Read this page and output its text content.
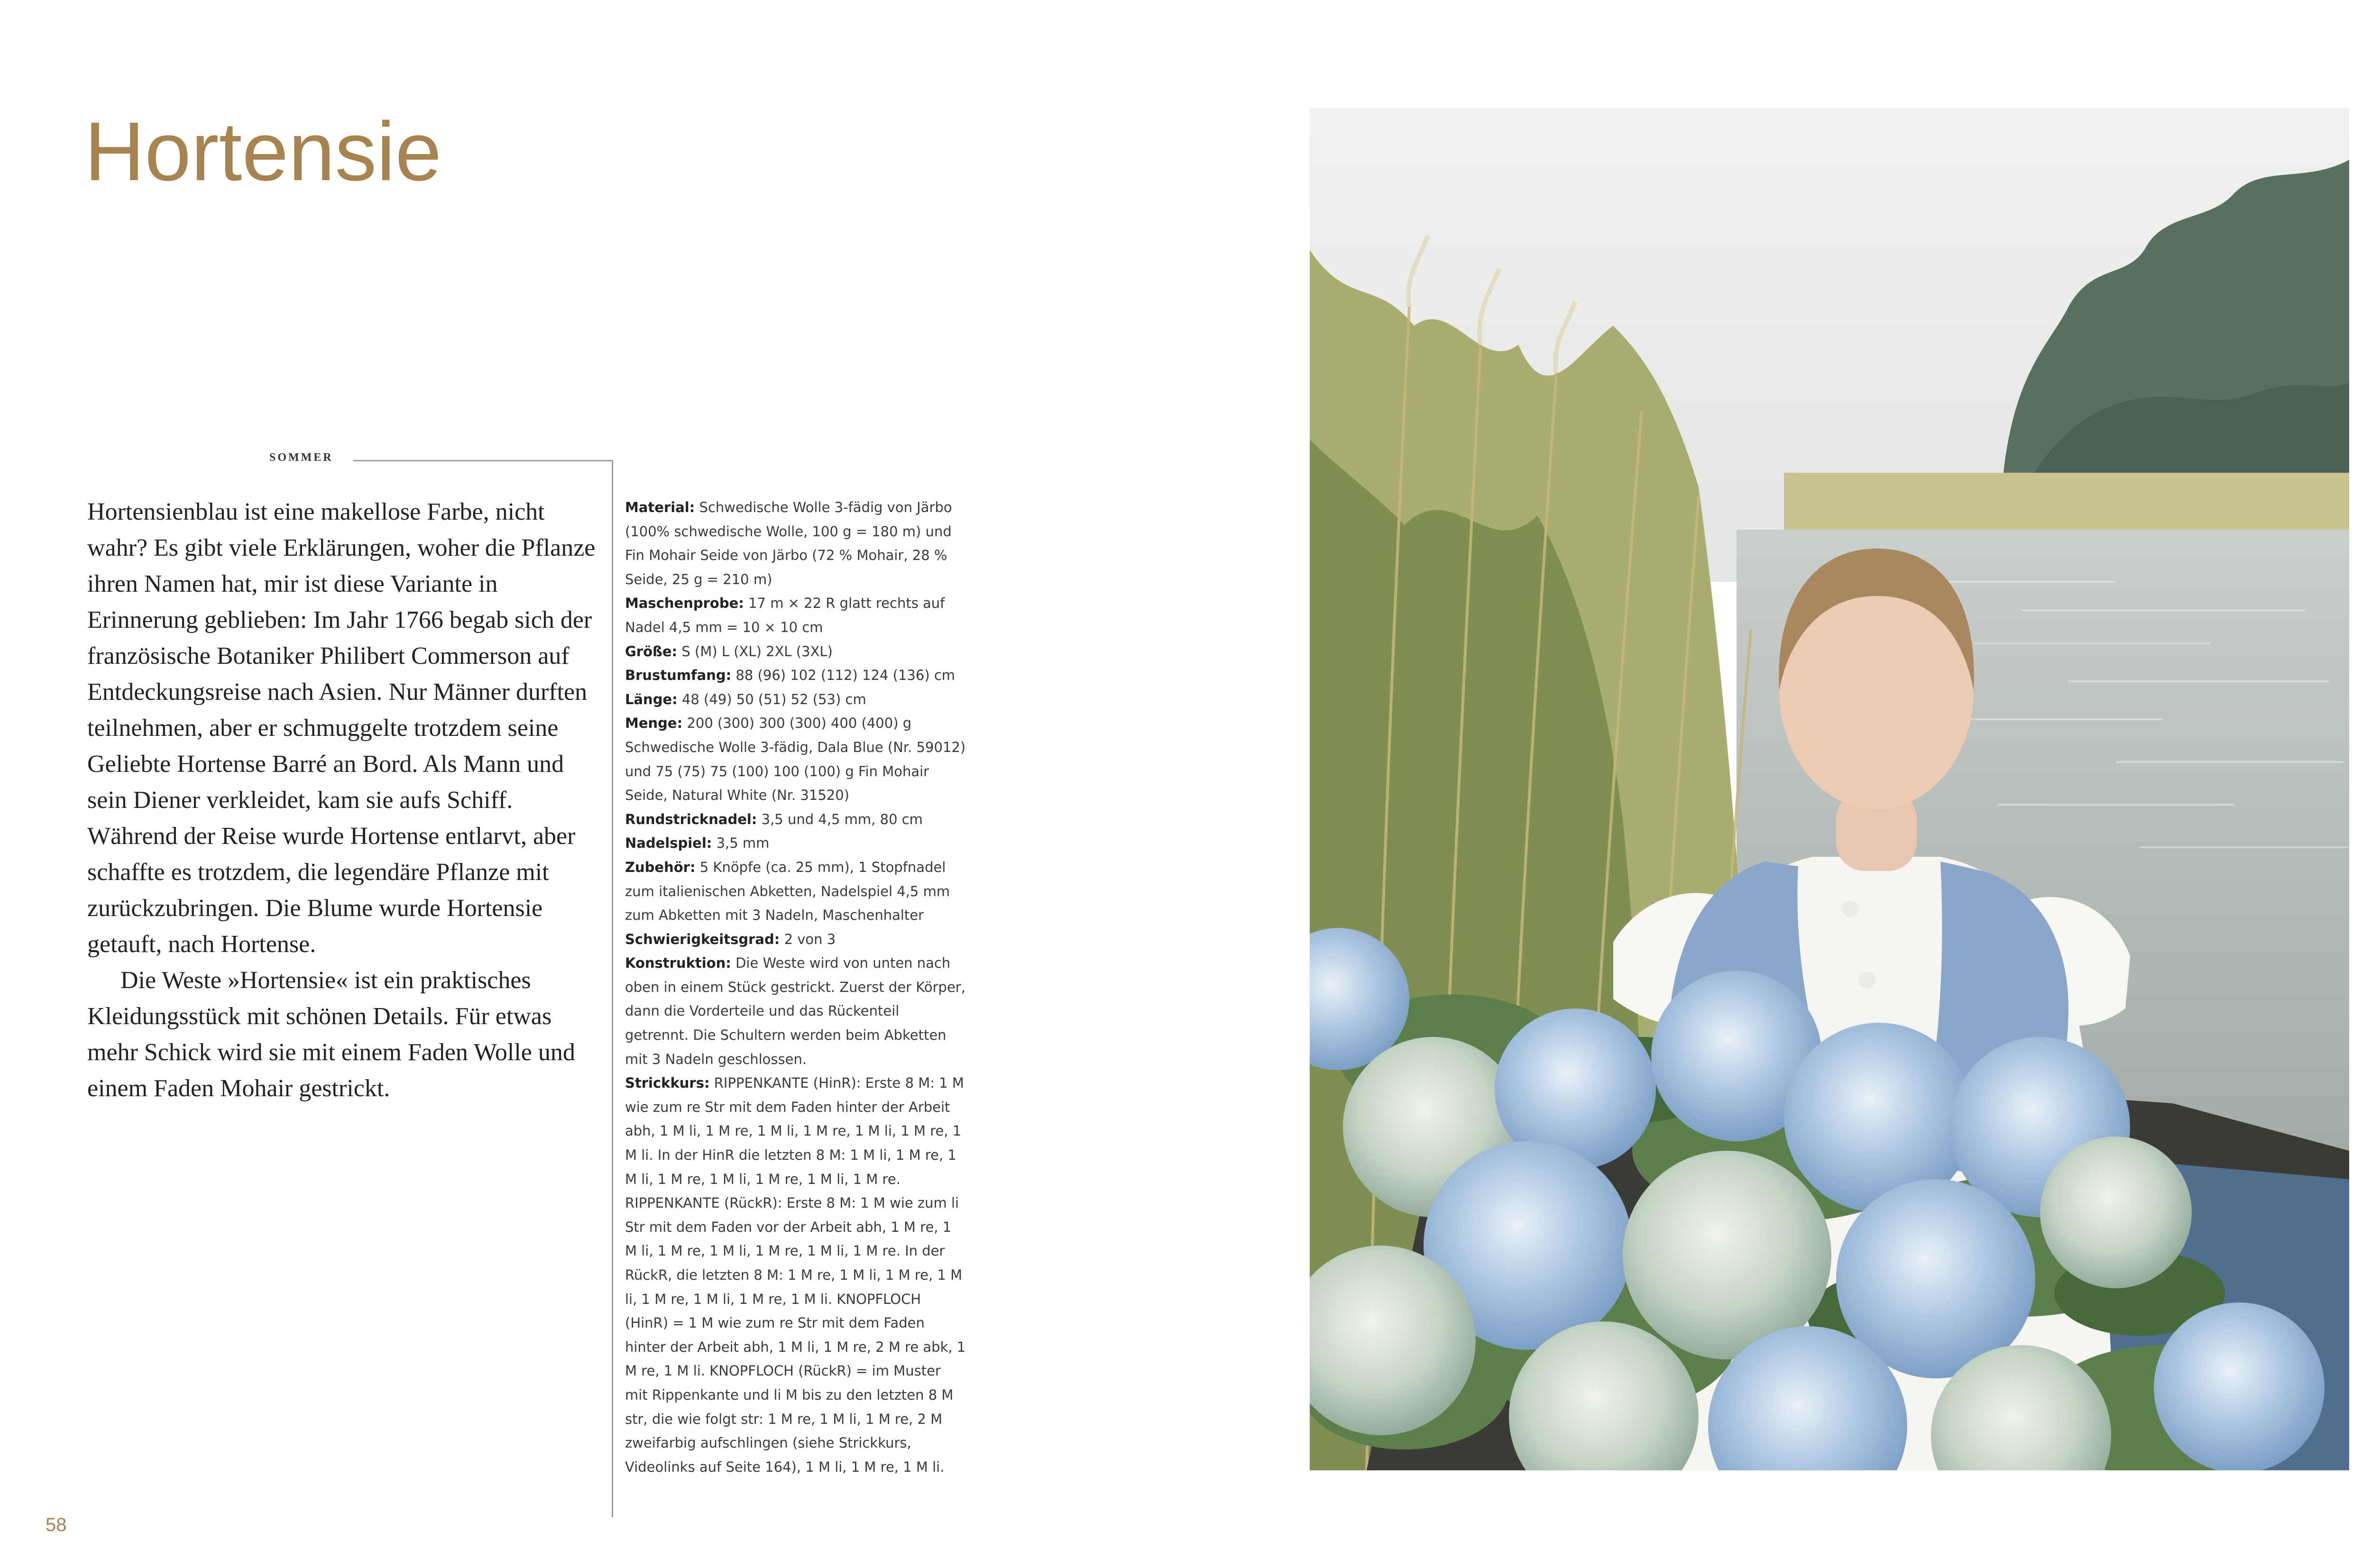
Hortensie
SOMMER

Hortensienblau ist eine makellose Farbe, nicht wahr? Es gibt viele Erklärungen, woher die Pflanze ihren Namen hat, mir ist diese Variante in Erinnerung geblieben: Im Jahr 1766 begab sich der französische Botaniker Philibert Commerson auf Entdeckungsreise nach Asien. Nur Männer durften teilnehmen, aber er schmuggelte trotzdem seine Geliebte Hortense Barré an Bord. Als Mann und sein Diener verkleidet, kam sie aufs Schiff. Während der Reise wurde Hortense entlarvt, aber schaffte es trotzdem, die legendäre Pflanze mit zurückzubringen. Die Blume wurde Hortensie getauft, nach Hortense.

Die Weste »Hortensie« ist ein praktisches Kleidungsstück mit schönen Details. Für etwas mehr Schick wird sie mit einem Faden Wolle und einem Faden Mohair gestrickt.

Material: Schwedische Wolle 3-fädig von Järbo (100% schwedische Wolle, 100 g = 180 m) und Fin Mohair Seide von Järbo (72 % Mohair, 28 % Seide, 25 g = 210 m)

Maschenprobe: 17 m × 22 R glatt rechts auf Nadel 4,5 mm = 10 × 10 cm

Größe: S (M) L (XL) 2XL (3XL)

Brustumfang: 88 (96) 102 (112) 124 (136) cm

Länge: 48 (49) 50 (51) 52 (53) cm

Menge: 200 (300) 300 (300) 400 (400) g Schwedische Wolle 3-fädig, Dala Blue (Nr. 59012) und 75 (75) 75 (100) 100 (100) g Fin Mohair Seide, Natural White (Nr. 31520)

Rundstricknadel: 3,5 und 4,5 mm, 80 cm

Nadelspiel: 3,5 mm

Zubehör: 5 Knöpfe (ca. 25 mm), 1 Stopfnadel zum italienischen Abketten, Nadelspiel 4,5 mm zum Abketten mit 3 Nadeln, Maschenhalter

Schwierigkeitsgrad: 2 von 3

Konstruktion: Die Weste wird von unten nach oben in einem Stück gestrickt. Zuerst der Körper, dann die Vorderteile und das Rückenteil getrennt. Die Schultern werden beim Abketten mit 3 Nadeln geschlossen.

Strickkurs: RIPPENKANTE (HinR): Erste 8 M: 1 M wie zum re Str mit dem Faden hinter der Arbeit abh, 1 M li, 1 M re, 1 M li, 1 M re, 1 M li, 1 M re, 1 M li. In der HinR die letzten 8 M: 1 M li, 1 M re, 1 M li, 1 M re, 1 M li, 1 M re, 1 M li, 1 M re. RIPPENKANTE (RückR): Erste 8 M: 1 M wie zum li Str mit dem Faden vor der Arbeit abh, 1 M re, 1 M li, 1 M re, 1 M li, 1 M re, 1 M li, 1 M re. In der RückR, die letzten 8 M: 1 M re, 1 M li, 1 M re, 1 M li, 1 M re, 1 M li, 1 M re, 1 M li. KNOPFLOCH (HinR) = 1 M wie zum re Str mit dem Faden hinter der Arbeit abh, 1 M li, 1 M re, 2 M re abk, 1 M re, 1 M li. KNOPFLOCH (RückR) = im Muster mit Rippenkante und li M bis zu den letzten 8 M str, die wie folgt str: 1 M re, 1 M li, 1 M re, 2 M zweifarbig aufschlingen (siehe Strickkurs, Videolinks auf Seite 164), 1 M li, 1 M re, 1 M li.

58
